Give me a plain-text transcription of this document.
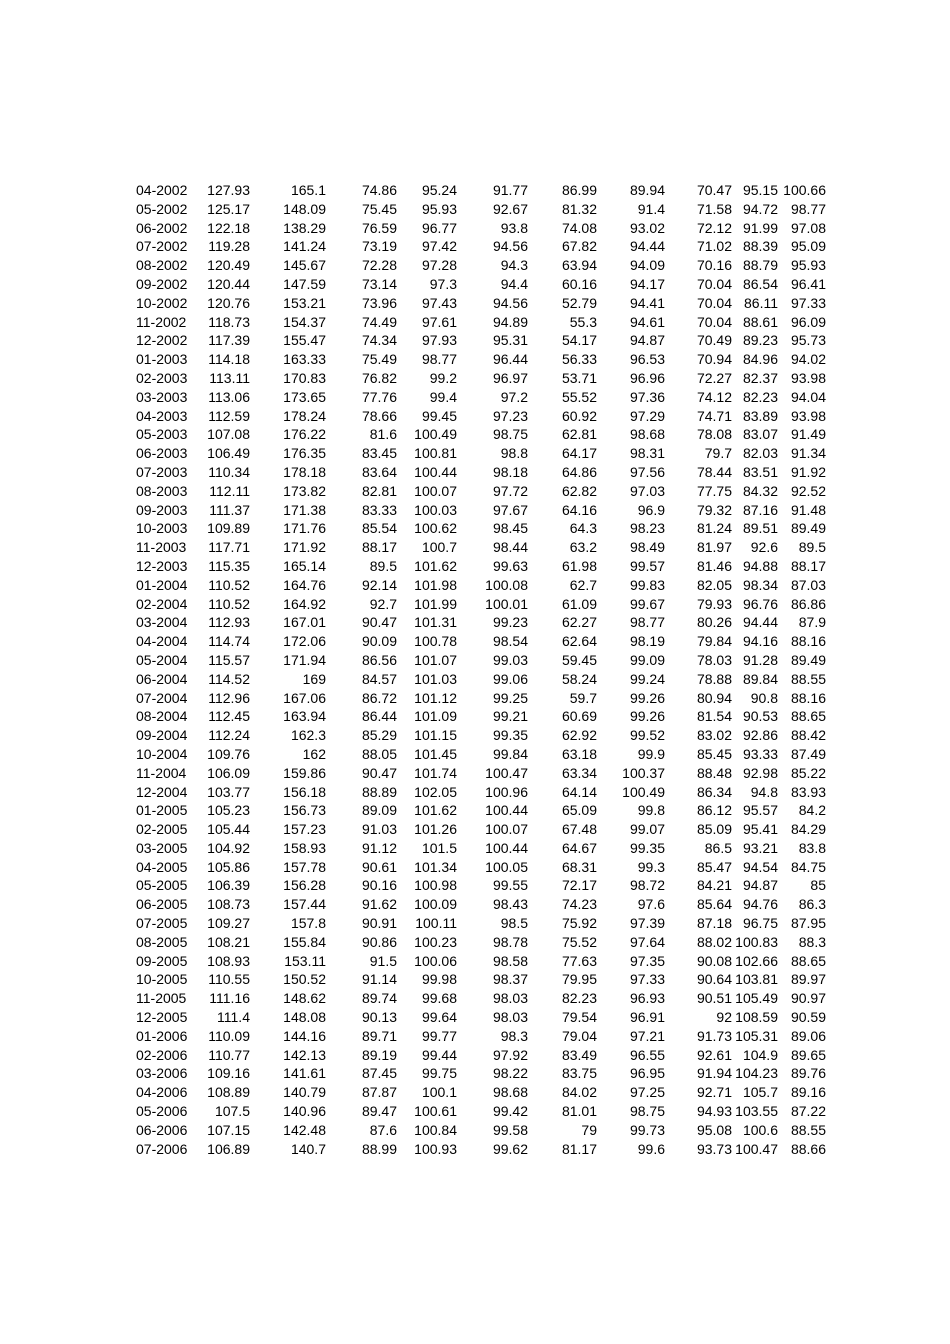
04-2002	127.93	165.1	74.86	95.24	91.77	86.99	89.94	70.47	95.15	100.66
05-2002	125.17	148.09	75.45	95.93	92.67	81.32	91.4	71.58	94.72	98.77
06-2002	122.18	138.29	76.59	96.77	93.8	74.08	93.02	72.12	91.99	97.08
07-2002	119.28	141.24	73.19	97.42	94.56	67.82	94.44	71.02	88.39	95.09
08-2002	120.49	145.67	72.28	97.28	94.3	63.94	94.09	70.16	88.79	95.93
09-2002	120.44	147.59	73.14	97.3	94.4	60.16	94.17	70.04	86.54	96.41
10-2002	120.76	153.21	73.96	97.43	94.56	52.79	94.41	70.04	86.11	97.33
11-2002	118.73	154.37	74.49	97.61	94.89	55.3	94.61	70.04	88.61	96.09
12-2002	117.39	155.47	74.34	97.93	95.31	54.17	94.87	70.49	89.23	95.73
01-2003	114.18	163.33	75.49	98.77	96.44	56.33	96.53	70.94	84.96	94.02
02-2003	113.11	170.83	76.82	99.2	96.97	53.71	96.96	72.27	82.37	93.98
03-2003	113.06	173.65	77.76	99.4	97.2	55.52	97.36	74.12	82.23	94.04
04-2003	112.59	178.24	78.66	99.45	97.23	60.92	97.29	74.71	83.89	93.98
05-2003	107.08	176.22	81.6	100.49	98.75	62.81	98.68	78.08	83.07	91.49
06-2003	106.49	176.35	83.45	100.81	98.8	64.17	98.31	79.7	82.03	91.34
07-2003	110.34	178.18	83.64	100.44	98.18	64.86	97.56	78.44	83.51	91.92
08-2003	112.11	173.82	82.81	100.07	97.72	62.82	97.03	77.75	84.32	92.52
09-2003	111.37	171.38	83.33	100.03	97.67	64.16	96.9	79.32	87.16	91.48
10-2003	109.89	171.76	85.54	100.62	98.45	64.3	98.23	81.24	89.51	89.49
11-2003	117.71	171.92	88.17	100.7	98.44	63.2	98.49	81.97	92.6	89.5
12-2003	115.35	165.14	89.5	101.62	99.63	61.98	99.57	81.46	94.88	88.17
01-2004	110.52	164.76	92.14	101.98	100.08	62.7	99.83	82.05	98.34	87.03
02-2004	110.52	164.92	92.7	101.99	100.01	61.09	99.67	79.93	96.76	86.86
03-2004	112.93	167.01	90.47	101.31	99.23	62.27	98.77	80.26	94.44	87.9
04-2004	114.74	172.06	90.09	100.78	98.54	62.64	98.19	79.84	94.16	88.16
05-2004	115.57	171.94	86.56	101.07	99.03	59.45	99.09	78.03	91.28	89.49
06-2004	114.52	169	84.57	101.03	99.06	58.24	99.24	78.88	89.84	88.55
07-2004	112.96	167.06	86.72	101.12	99.25	59.7	99.26	80.94	90.8	88.16
08-2004	112.45	163.94	86.44	101.09	99.21	60.69	99.26	81.54	90.53	88.65
09-2004	112.24	162.3	85.29	101.15	99.35	62.92	99.52	83.02	92.86	88.42
10-2004	109.76	162	88.05	101.45	99.84	63.18	99.9	85.45	93.33	87.49
11-2004	106.09	159.86	90.47	101.74	100.47	63.34	100.37	88.48	92.98	85.22
12-2004	103.77	156.18	88.89	102.05	100.96	64.14	100.49	86.34	94.8	83.93
01-2005	105.23	156.73	89.09	101.62	100.44	65.09	99.8	86.12	95.57	84.2
02-2005	105.44	157.23	91.03	101.26	100.07	67.48	99.07	85.09	95.41	84.29
03-2005	104.92	158.93	91.12	101.5	100.44	64.67	99.35	86.5	93.21	83.8
04-2005	105.86	157.78	90.61	101.34	100.05	68.31	99.3	85.47	94.54	84.75
05-2005	106.39	156.28	90.16	100.98	99.55	72.17	98.72	84.21	94.87	85
06-2005	108.73	157.44	91.62	100.09	98.43	74.23	97.6	85.64	94.76	86.3
07-2005	109.27	157.8	90.91	100.11	98.5	75.92	97.39	87.18	96.75	87.95
08-2005	108.21	155.84	90.86	100.23	98.78	75.52	97.64	88.02	100.83	88.3
09-2005	108.93	153.11	91.5	100.06	98.58	77.63	97.35	90.08	102.66	88.65
10-2005	110.55	150.52	91.14	99.98	98.37	79.95	97.33	90.64	103.81	89.97
11-2005	111.16	148.62	89.74	99.68	98.03	82.23	96.93	90.51	105.49	90.97
12-2005	111.4	148.08	90.13	99.64	98.03	79.54	96.91	92	108.59	90.59
01-2006	110.09	144.16	89.71	99.77	98.3	79.04	97.21	91.73	105.31	89.06
02-2006	110.77	142.13	89.19	99.44	97.92	83.49	96.55	92.61	104.9	89.65
03-2006	109.16	141.61	87.45	99.75	98.22	83.75	96.95	91.94	104.23	89.76
04-2006	108.89	140.79	87.87	100.1	98.68	84.02	97.25	92.71	105.7	89.16
05-2006	107.5	140.96	89.47	100.61	99.42	81.01	98.75	94.93	103.55	87.22
06-2006	107.15	142.48	87.6	100.84	99.58	79	99.73	95.08	100.6	88.55
07-2006	106.89	140.7	88.99	100.93	99.62	81.17	99.6	93.73	100.47	88.66
